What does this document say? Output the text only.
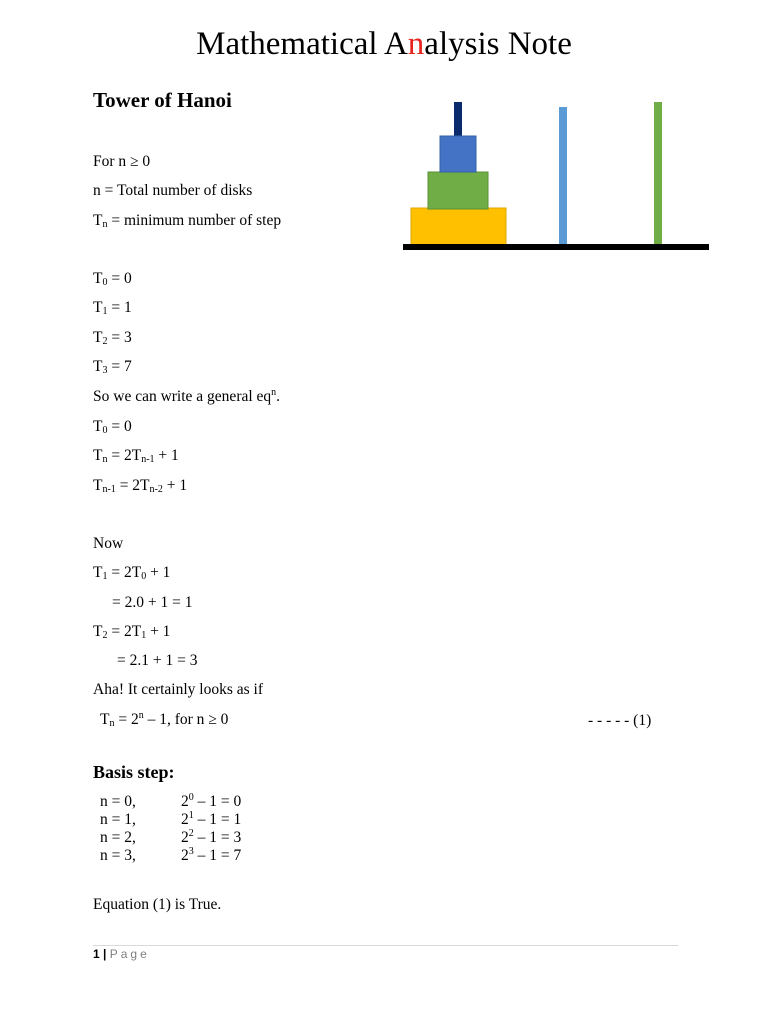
Mathematical Analysis Note
Tower of Hanoi
For n ≥ 0
n = Total number of disks
$T_n$ = minimum number of step
$T_0 = 0$
$T_1 = 1$
$T_2 = 3$
$T_3 = 7$
So we can write a general $eq^n$.
$T_0 = 0$
$T_n = 2T_{n-1} + 1$
$T_{n-1} = 2T_{n-2} + 1$
Now
$T_1 = 2T_0 + 1$
= 2.0 + 1 = 1
$T_2 = 2T_1 + 1$
= 2.1 + 1 = 3
Aha! It certainly looks as if
$T_n = 2^n - 1$, for n ≥ 0	- - - - - (1)
Basis step:
n = 0,	$2^0 - 1 = 0$
n = 1,	$2^1 - 1 = 1$
n = 2,	$2^2 - 1 = 3$
n = 3,	$2^3 - 1 = 7$
Equation (1) is True.
1 | Page
